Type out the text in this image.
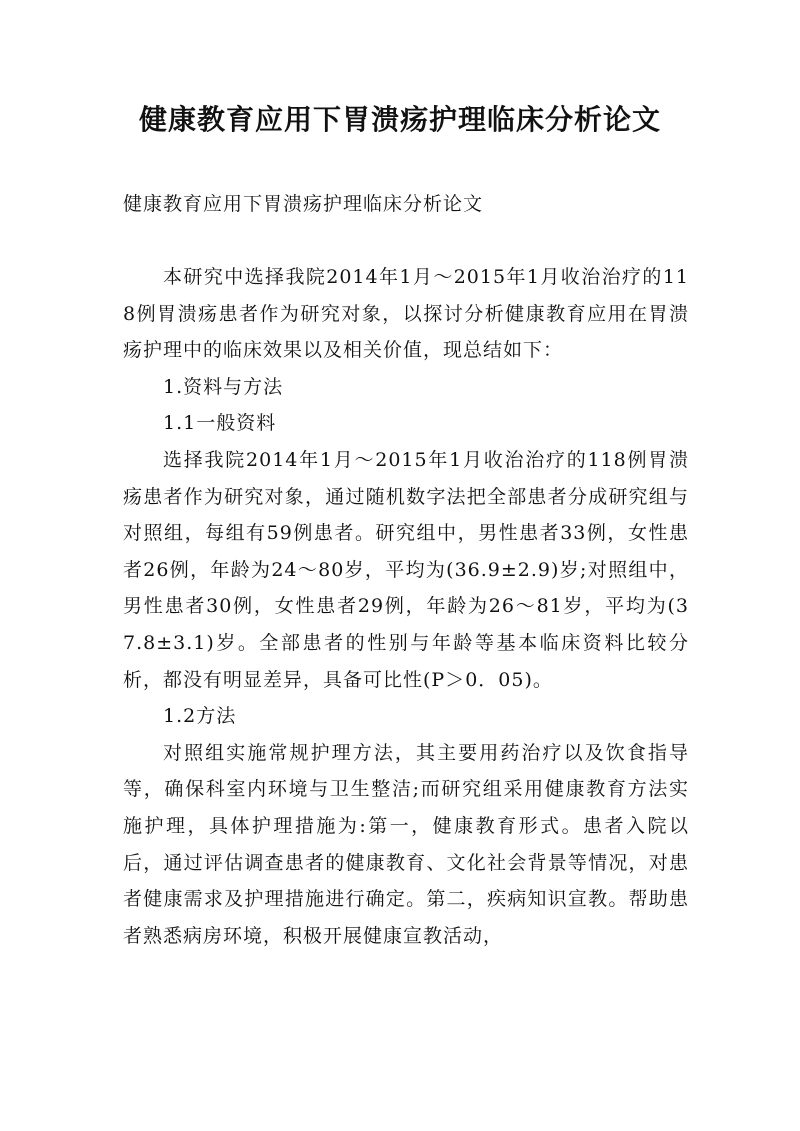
健康教育应用下胃溃疡护理临床分析论文
健康教育应用下胃溃疡护理临床分析论文

本研究中选择我院2014年1月～2015年1月收治治疗的118例胃溃疡患者作为研究对象，以探讨分析健康教育应用在胃溃疡护理中的临床效果以及相关价值，现总结如下：

1.资料与方法

1.1一般资料

选择我院2014年1月～2015年1月收治治疗的118例胃溃疡患者作为研究对象，通过随机数字法把全部患者分成研究组与对照组，每组有59例患者。研究组中，男性患者33例，女性患者26例，年龄为24～80岁，平均为(36.9±2.9)岁;对照组中，男性患者30例，女性患者29例，年龄为26～81岁，平均为(37.8±3.1)岁。全部患者的性别与年龄等基本临床资料比较分析，都没有明显差异，具备可比性(P＞0．05)。

1.2方法

对照组实施常规护理方法，其主要用药治疗以及饮食指导等，确保科室内环境与卫生整洁;而研究组采用健康教育方法实施护理，具体护理措施为:第一，健康教育形式。患者入院以后，通过评估调查患者的健康教育、文化社会背景等情况，对患者健康需求及护理措施进行确定。第二，疾病知识宣教。帮助患者熟悉病房环境，积极开展健康宣教活动，
